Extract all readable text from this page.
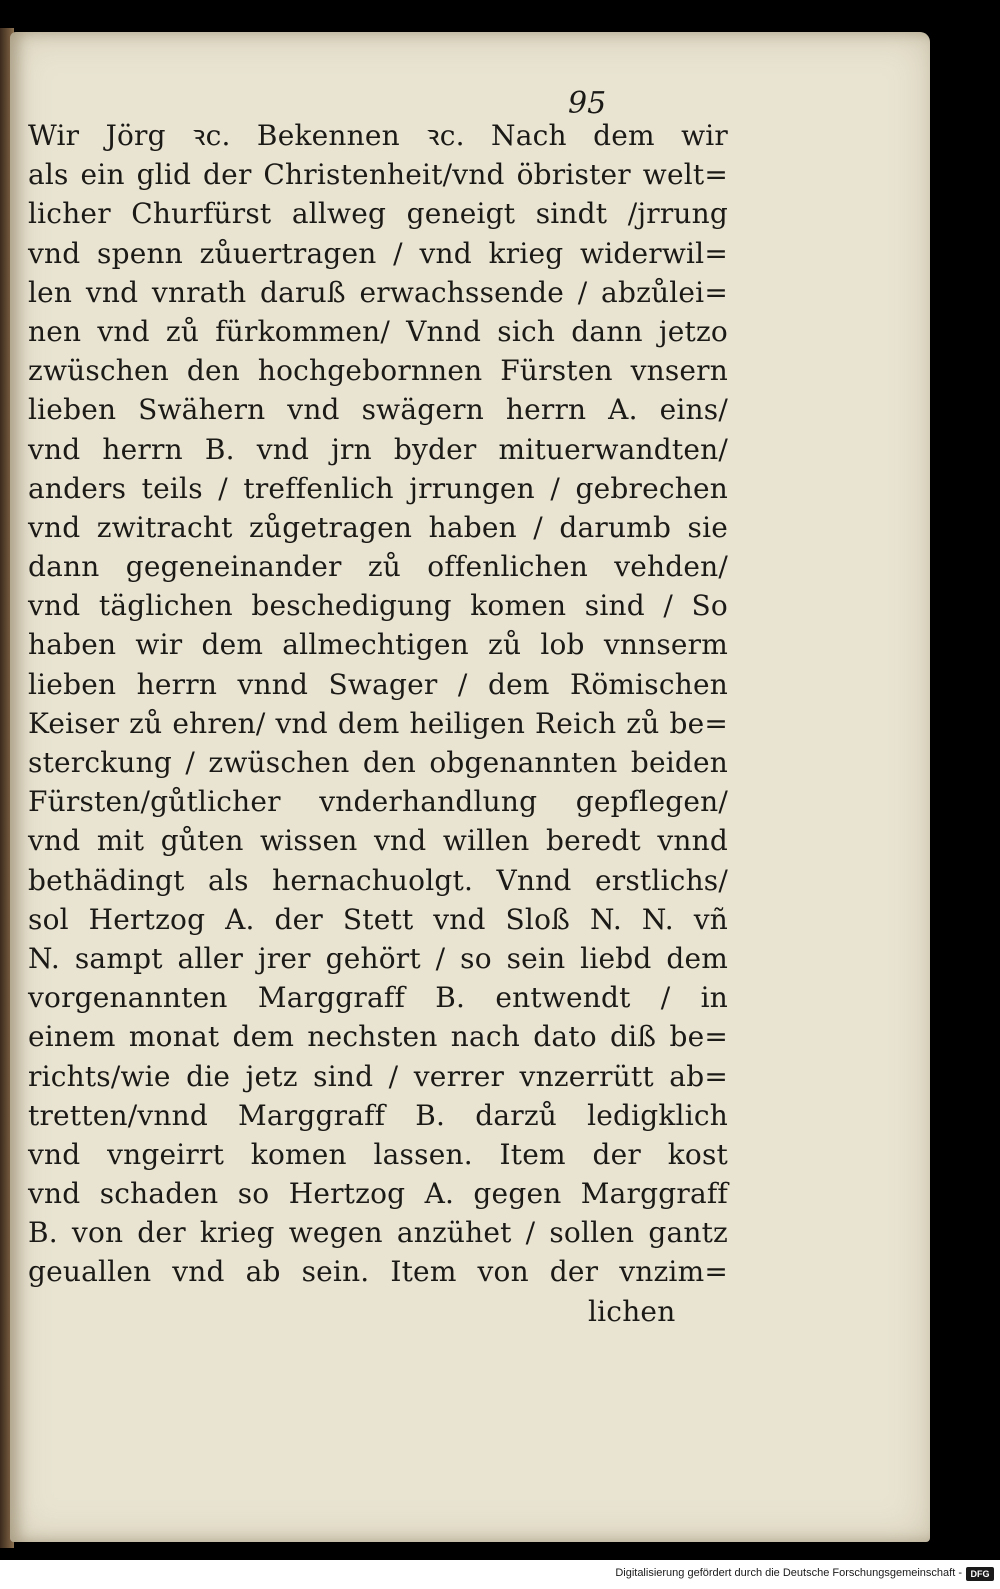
95

Wir Jörg ꝛc. Bekennen ꝛc. Nach dem wir
als ein glid der Christenheit/vnd öbrister welt=
licher Churfürst allweg geneigt sindt /jrrung
vnd spenn zůuertragen / vnd krieg widerwil=
len vnd vnrath daruß erwachssende / abzůlei=
nen vnd zů fürkommen/ Vnnd sich dann jetzo
zwüschen den hochgebornnen Fürsten vnsern
lieben Swähern vnd swägern herrn A. eins/
vnd herrn B. vnd jrn byder mituerwandten/
anders teils / treffenlich jrrungen / gebrechen
vnd zwitracht zůgetragen haben / darumb sie
dann gegeneinander zů offenlichen vehden/
vnd täglichen beschedigung komen sind / So
haben wir dem allmechtigen zů lob vnnserm
lieben herrn vnnd Swager / dem Römischen
Keiser zů ehren/ vnd dem heiligen Reich zů be=
sterckung / zwüschen den obgenannten beiden
Fürsten/gůtlicher vnderhandlung gepflegen/
vnd mit gůten wissen vnd willen beredt vnnd
bethädingt als hernachuolgt. Vnnd erstlichs/
sol Hertzog A. der Stett vnd Sloß N. N. vñ
N. sampt aller jrer gehört / so sein liebd dem
vorgenannten Marggraff B. entwendt / in
einem monat dem nechsten nach dato diß be=
richts/wie die jetz sind / verrer vnzerrütt ab=
tretten/vnnd Marggraff B. darzů ledigklich
vnd vngeirrt komen lassen. Item der kost
vnd schaden so Hertzog A. gegen Marggraff
B. von der krieg wegen anzühet / sollen gantz
geuallen vnd ab sein. Item von der vnzim=
lichen

Digitalisierung gefördert durch die Deutsche Forschungsgemeinschaft - DFG
